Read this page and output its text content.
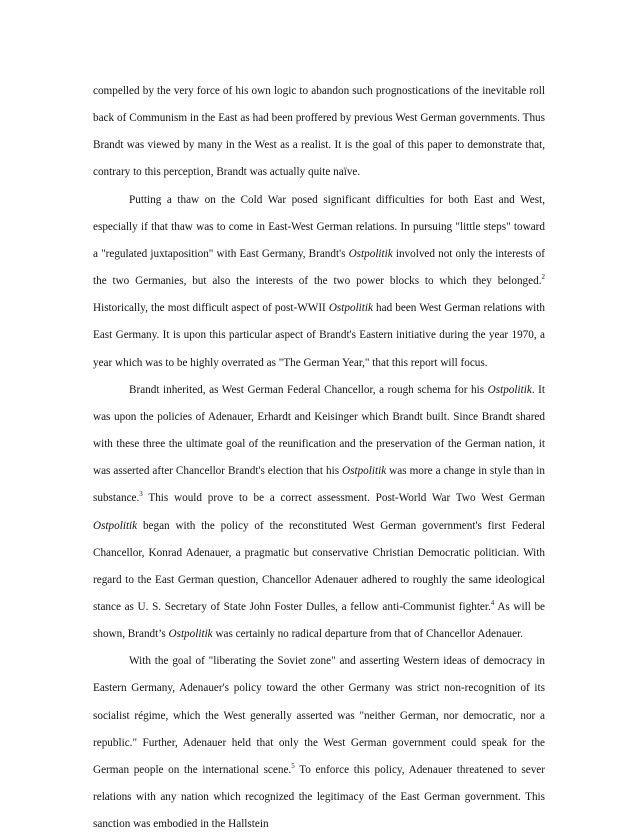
compelled by the very force of his own logic to abandon such prognostications of the inevitable roll back of Communism in the East as had been proffered by previous West German governments. Thus Brandt was viewed by many in the West as a realist. It is the goal of this paper to demonstrate that, contrary to this perception, Brandt was actually quite naïve.

Putting a thaw on the Cold War posed significant difficulties for both East and West, especially if that thaw was to come in East-West German relations. In pursuing "little steps" toward a "regulated juxtaposition" with East Germany, Brandt's Ostpolitik involved not only the interests of the two Germanies, but also the interests of the two power blocks to which they belonged.$^2$ Historically, the most difficult aspect of post-WWII Ostpolitik had been West German relations with East Germany. It is upon this particular aspect of Brandt's Eastern initiative during the year 1970, a year which was to be highly overrated as "The German Year," that this report will focus.

Brandt inherited, as West German Federal Chancellor, a rough schema for his Ostpolitik. It was upon the policies of Adenauer, Erhardt and Keisinger which Brandt built. Since Brandt shared with these three the ultimate goal of the reunification and the preservation of the German nation, it was asserted after Chancellor Brandt's election that his Ostpolitik was more a change in style than in substance.$^3$ This would prove to be a correct assessment. Post-World War Two West German Ostpolitik began with the policy of the reconstituted West German government's first Federal Chancellor, Konrad Adenauer, a pragmatic but conservative Christian Democratic politician. With regard to the East German question, Chancellor Adenauer adhered to roughly the same ideological stance as U. S. Secretary of State John Foster Dulles, a fellow anti-Communist fighter.$^4$ As will be shown, Brandt’s Ostpolitik was certainly no radical departure from that of Chancellor Adenauer.

With the goal of "liberating the Soviet zone" and asserting Western ideas of democracy in Eastern Germany, Adenauer's policy toward the other Germany was strict non-recognition of its socialist régime, which the West generally asserted was "neither German, nor democratic, nor a republic." Further, Adenauer held that only the West German government could speak for the German people on the international scene.$^5$ To enforce this policy, Adenauer threatened to sever relations with any nation which recognized the legitimacy of the East German government. This sanction was embodied in the Hallstein
